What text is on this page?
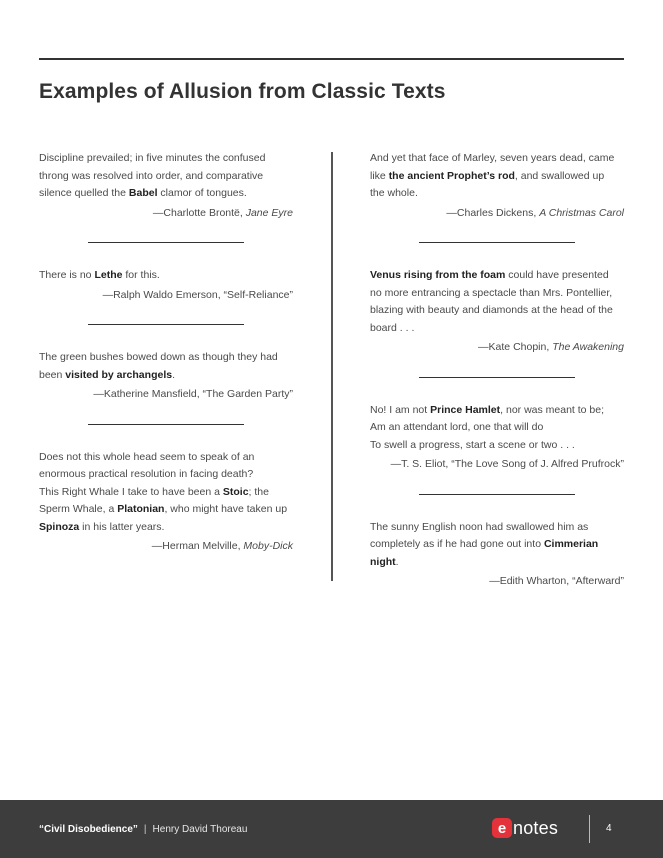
Examples of Allusion from Classic Texts

Discipline prevailed; in five minutes the confused
throng was resolved into order, and comparative
silence quelled the Babel clamor of tongues.

—Charlotte Brontë, Jane Eyre

There is no Lethe for this.

—Ralph Waldo Emerson, “Self-Reliance”

The green bushes bowed down as though they had
been visited by archangels.

—Katherine Mansfield, “The Garden Party”

Does not this whole head seem to speak of an
enormous practical resolution in facing death?
This Right Whale I take to have been a Stoic; the
Sperm Whale, a Platonian, who might have taken up
Spinoza in his latter years.

—Herman Melville, Moby-Dick

And yet that face of Marley, seven years dead, came
like the ancient Prophet’s rod, and swallowed up
the whole.

—Charles Dickens, A Christmas Carol

Venus rising from the foam could have presented
no more entrancing a spectacle than Mrs. Pontellier,
blazing with beauty and diamonds at the head of the
board . . .

—Kate Chopin, The Awakening

No! I am not Prince Hamlet, nor was meant to be;
Am an attendant lord, one that will do
To swell a progress, start a scene or two . . .

—T. S. Eliot, “The Love Song of J. Alfred Prufrock”

The sunny English noon had swallowed him as
completely as if he had gone out into Cimmerian
night.

—Edith Wharton, “Afterward”

“Civil Disobedience” | Henry David Thoreau	e notes	4
